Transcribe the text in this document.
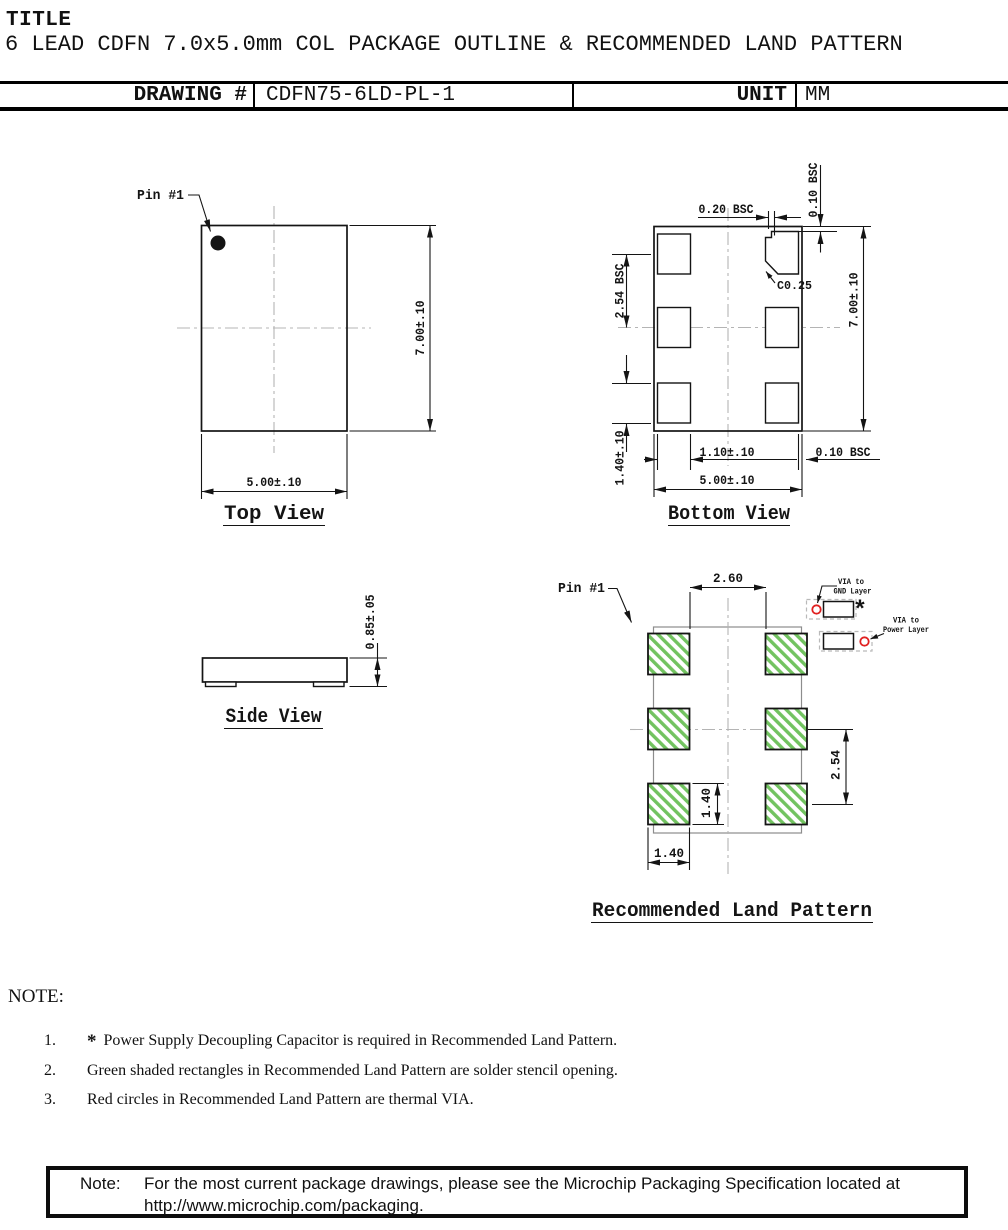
TITLE
6 LEAD CDFN 7.0x5.0mm COL PACKAGE OUTLINE & RECOMMENDED LAND PATTERN
DRAWING # CDFN75-6LD-PL-1	UNIT MM
Pin #1
7.00±.10
5.00±.10
Top View
C0.25
0.20 BSC	0.10 BSC
2.54 BSC
1.40±.10
7.00±.10
1.10±.10	0.10 BSC
5.00±.10
Bottom View
0.85±.05
Side View
Pin #1
2.60
*
VIA to
GND Layer
VIA to
Power Layer
2.54
1.40
1.40
Recommended Land Pattern
NOTE:
1.	* Power Supply Decoupling Capacitor is required in Recommended Land Pattern.
2.	Green shaded rectangles in Recommended Land Pattern are solder stencil opening.
3.	Red circles in Recommended Land Pattern are thermal VIA.
Note:	For the most current package drawings, please see the Microchip Packaging Specification located at
http://www.microchip.com/packaging.
